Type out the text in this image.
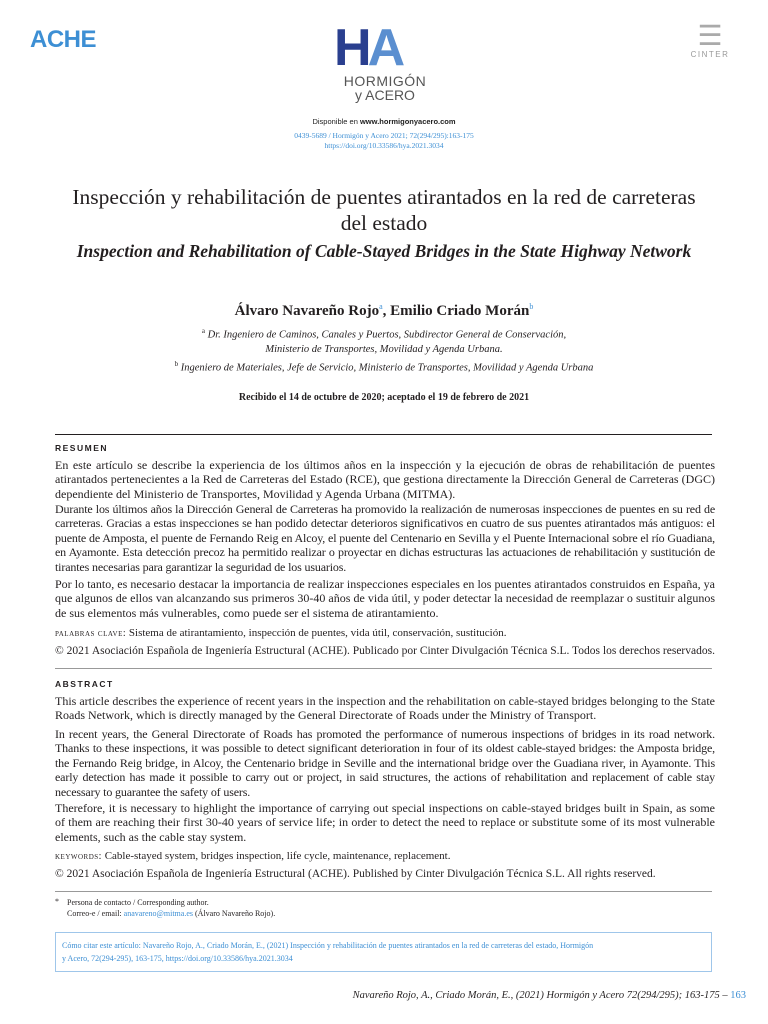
ACHE	HA
HORMIGÓN
y ACERO
☰
CINTER
Disponible en www.hormigonyacero.com
0439-5689 / Hormigón y Acero 2021; 72(294/295):163-175
https://doi.org/10.33586/hya.2021.3034
Inspección y rehabilitación de puentes atirantados en la red de carreteras del estado
Inspection and Rehabilitation of Cable-Stayed Bridges in the State Highway Network
Álvaro Navareño Rojo$^a$, Emilio Criado Morán$^b$
$^a$ Dr. Ingeniero de Caminos, Canales y Puertos, Subdirector General de Conservación,
Ministerio de Transportes, Movilidad y Agenda Urbana.
$^b$ Ingeniero de Materiales, Jefe de Servicio, Ministerio de Transportes, Movilidad y Agenda Urbana
Recibido el 14 de octubre de 2020; aceptado el 19 de febrero de 2021
RESUMEN
En este artículo se describe la experiencia de los últimos años en la inspección y la ejecución de obras de rehabilitación de puentes atirantados pertenecientes a la Red de Carreteras del Estado (RCE), que gestiona directamente la Dirección General de Carreteras (DGC) dependiente del Ministerio de Transportes, Movilidad y Agenda Urbana (MITMA).
Durante los últimos años la Dirección General de Carreteras ha promovido la realización de numerosas inspecciones de puentes en su red de carreteras. Gracias a estas inspecciones se han podido detectar deterioros significativos en cuatro de sus puentes atirantados más antiguos: el puente de Amposta, el puente de Fernando Reig en Alcoy, el puente del Centenario en Sevilla y el Puente Internacional sobre el río Guadiana, en Ayamonte. Esta detección precoz ha permitido realizar o proyectar en dichas estructuras las actuaciones de rehabilitación y sustitución de tirantes necesarias para garantizar la seguridad de los usuarios.
Por lo tanto, es necesario destacar la importancia de realizar inspecciones especiales en los puentes atirantados construidos en España, ya que algunos de ellos van alcanzando sus primeros 30-40 años de vida útil, y poder detectar la necesidad de reemplazar o sustituir algunos de sus elementos más vulnerables, como puede ser el sistema de atirantamiento.
palabras clave: Sistema de atirantamiento, inspección de puentes, vida útil, conservación, sustitución.
© 2021 Asociación Española de Ingeniería Estructural (ACHE). Publicado por Cinter Divulgación Técnica S.L. Todos los derechos reservados.
ABSTRACT
This article describes the experience of recent years in the inspection and the rehabilitation on cable-stayed bridges belonging to the State Roads Network, which is directly managed by the General Directorate of Roads under the Ministry of Transport.
In recent years, the General Directorate of Roads has promoted the performance of numerous inspections of bridges in its road network. Thanks to these inspections, it was possible to detect significant deterioration in four of its oldest cable-stayed bridges: the Amposta bridge, the Fernando Reig bridge, in Alcoy, the Centenario bridge in Seville and the international bridge over the Guadiana river, in Ayamonte. This early detection has made it possible to carry out or project, in said structures, the actions of rehabilitation and replacement of cable stay necessary to guarantee the safety of users.
Therefore, it is necessary to highlight the importance of carrying out special inspections on cable-stayed bridges built in Spain, as some of them are reaching their first 30-40 years of service life; in order to detect the need to replace or substitute some of its most vulnerable elements, such as the cable stay system.
keywords: Cable-stayed system, bridges inspection, life cycle, maintenance, replacement.
© 2021 Asociación Española de Ingeniería Estructural (ACHE). Published by Cinter Divulgación Técnica S.L. All rights reserved.
* Persona de contacto / Corresponding author.
Correo-e / email: anavareno@mitma.es (Álvaro Navareño Rojo).
Cómo citar este artículo: Navareño Rojo, A., Criado Morán, E., (2021) Inspección y rehabilitación de puentes atirantados en la red de carreteras del estado, Hormigón
y Acero, 72(294-295), 163-175, https://doi.org/10.33586/hya.2021.3034
Navareño Rojo, A., Criado Morán, E., (2021) Hormigón y Acero 72(294/295); 163-175 – 163
